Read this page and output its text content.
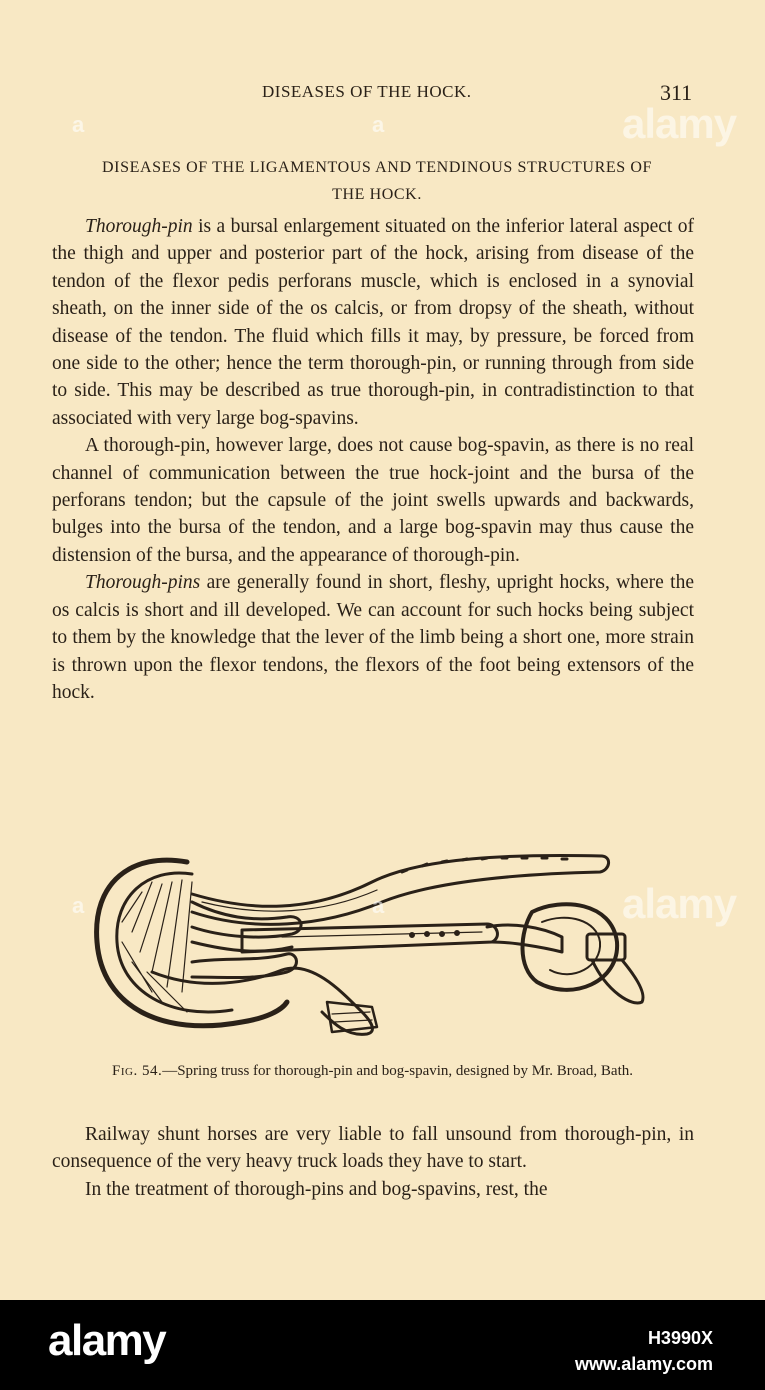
DISEASES OF THE HOCK.	311
DISEASES OF THE LIGAMENTOUS AND TENDINOUS STRUCTURES OF
THE HOCK.

Thorough-pin is a bursal enlargement situated on the inferior lateral aspect of the thigh and upper and posterior part of the hock, arising from disease of the tendon of the flexor pedis perforans muscle, which is enclosed in a synovial sheath, on the inner side of the os calcis, or from dropsy of the sheath, without disease of the tendon. The fluid which fills it may, by pressure, be forced from one side to the other; hence the term thorough-pin, or running through from side to side. This may be described as true thorough-pin, in contradistinction to that associated with very large bog-spavins.

A thorough-pin, however large, does not cause bog-spavin, as there is no real channel of communication between the true hock-joint and the bursa of the perforans tendon; but the capsule of the joint swells upwards and backwards, bulges into the bursa of the tendon, and a large bog-spavin may thus cause the distension of the bursa, and the appearance of thorough-pin.

Thorough-pins are generally found in short, fleshy, upright hocks, where the os calcis is short and ill developed. We can account for such hocks being subject to them by the knowledge that the lever of the limb being a short one, more strain is thrown upon the flexor tendons, the flexors of the foot being extensors of the hock.

Fig. 54.—Spring truss for thorough-pin and bog-spavin, designed by Mr. Broad, Bath.

Railway shunt horses are very liable to fall unsound from thorough-pin, in consequence of the very heavy truck loads they have to start.

In the treatment of thorough-pins and bog-spavins, rest, the

alamy
alamy
a	a
a	a
alamy	H3990X
www.alamy.com
